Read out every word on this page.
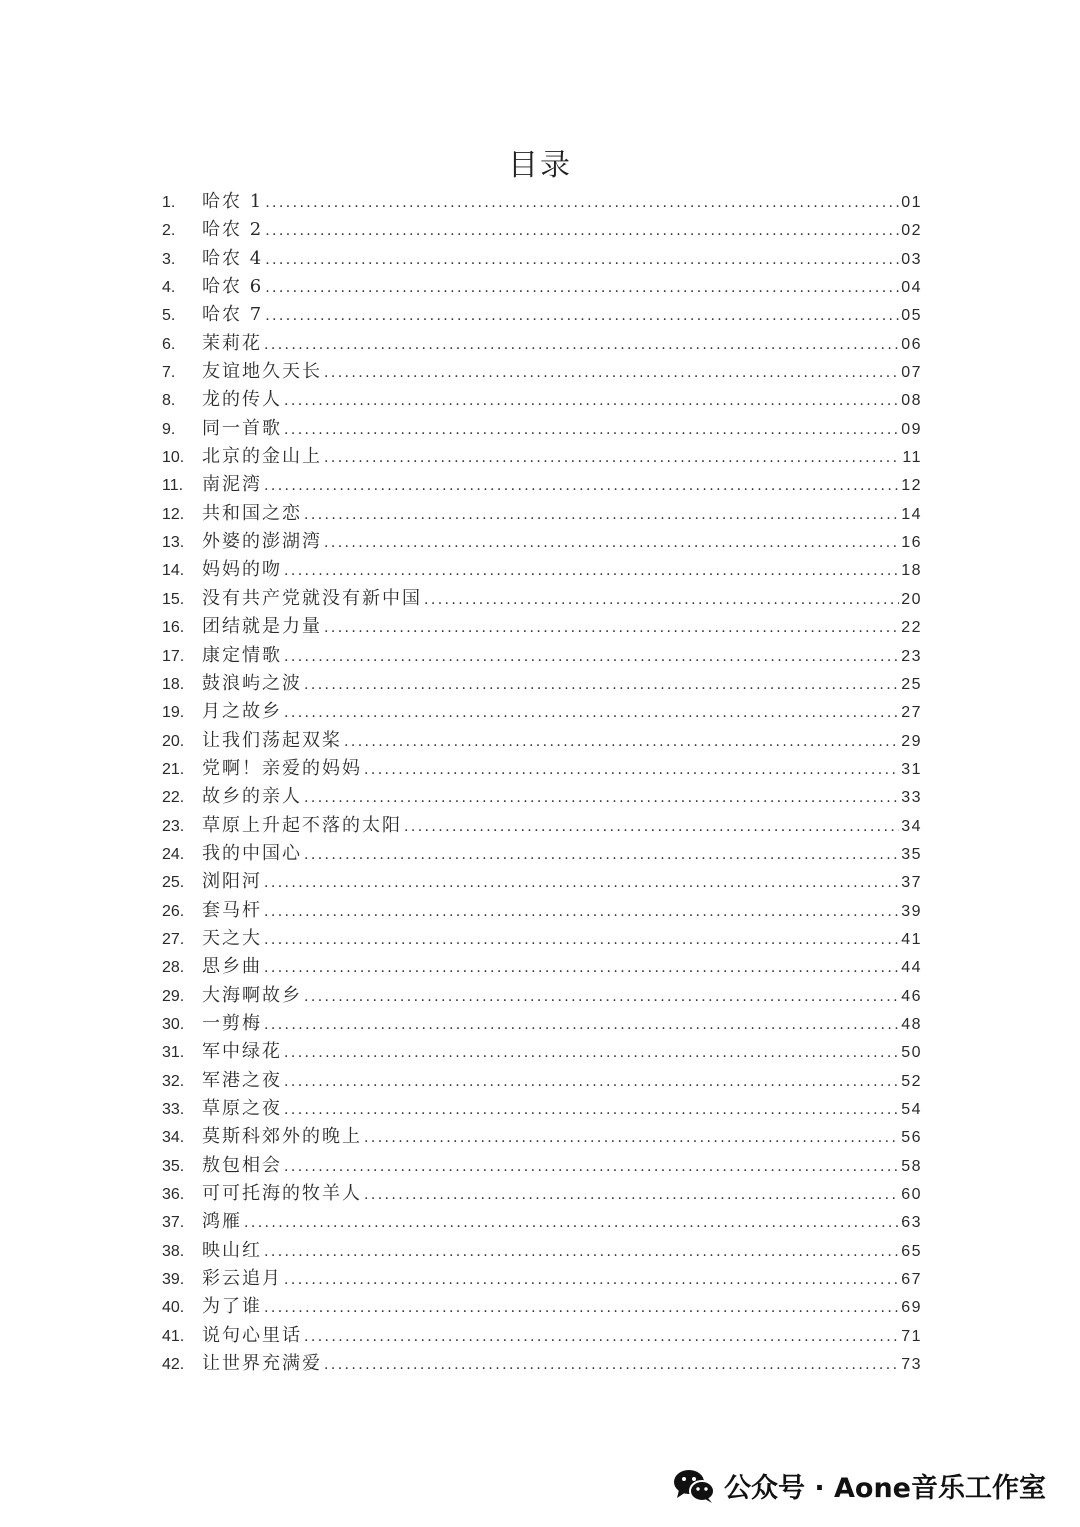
目录
1.	哈农 1 .....	01
2.	哈农 2 .....	02
3.	哈农 4 .....	03
4.	哈农 6 .....	04
5.	哈农 7 .....	05
6.	茉莉花 .....	06
7.	友谊地久天长 .....	07
8.	龙的传人 .....	08
9.	同一首歌 .....	09
10. 北京的金山上 .....	11
11.	南泥湾 .....	12
12. 共和国之恋 .....	14
13. 外婆的澎湖湾 .....	16
14. 妈妈的吻 .....	18
15. 没有共产党就没有新中国 .....	20
16. 团结就是力量 .....	22
17. 康定情歌 .....	23
18. 鼓浪屿之波 .....	25
19. 月之故乡 .....	27
20. 让我们荡起双桨 .....	29
21. 党啊！亲爱的妈妈 .....	31
22. 故乡的亲人 .....	33
23. 草原上升起不落的太阳 .....	34
24. 我的中国心 .....	35
25. 浏阳河 .....	37
26. 套马杆 .....	39
27. 天之大 .....	41
28. 思乡曲 .....	44
29. 大海啊故乡 .....	46
30. 一剪梅 .....	48
31. 军中绿花 .....	50
32. 军港之夜 .....	52
33. 草原之夜 .....	54
34. 莫斯科郊外的晚上 .....	56
35. 敖包相会 .....	58
36. 可可托海的牧羊人 .....	60
37. 鸿雁 .....	63
38. 映山红 .....	65
39. 彩云追月 .....	67
40. 为了谁 .....	69
41. 说句心里话 .....	71
42. 让世界充满爱 .....	73
公众号 · Aone音乐工作室
